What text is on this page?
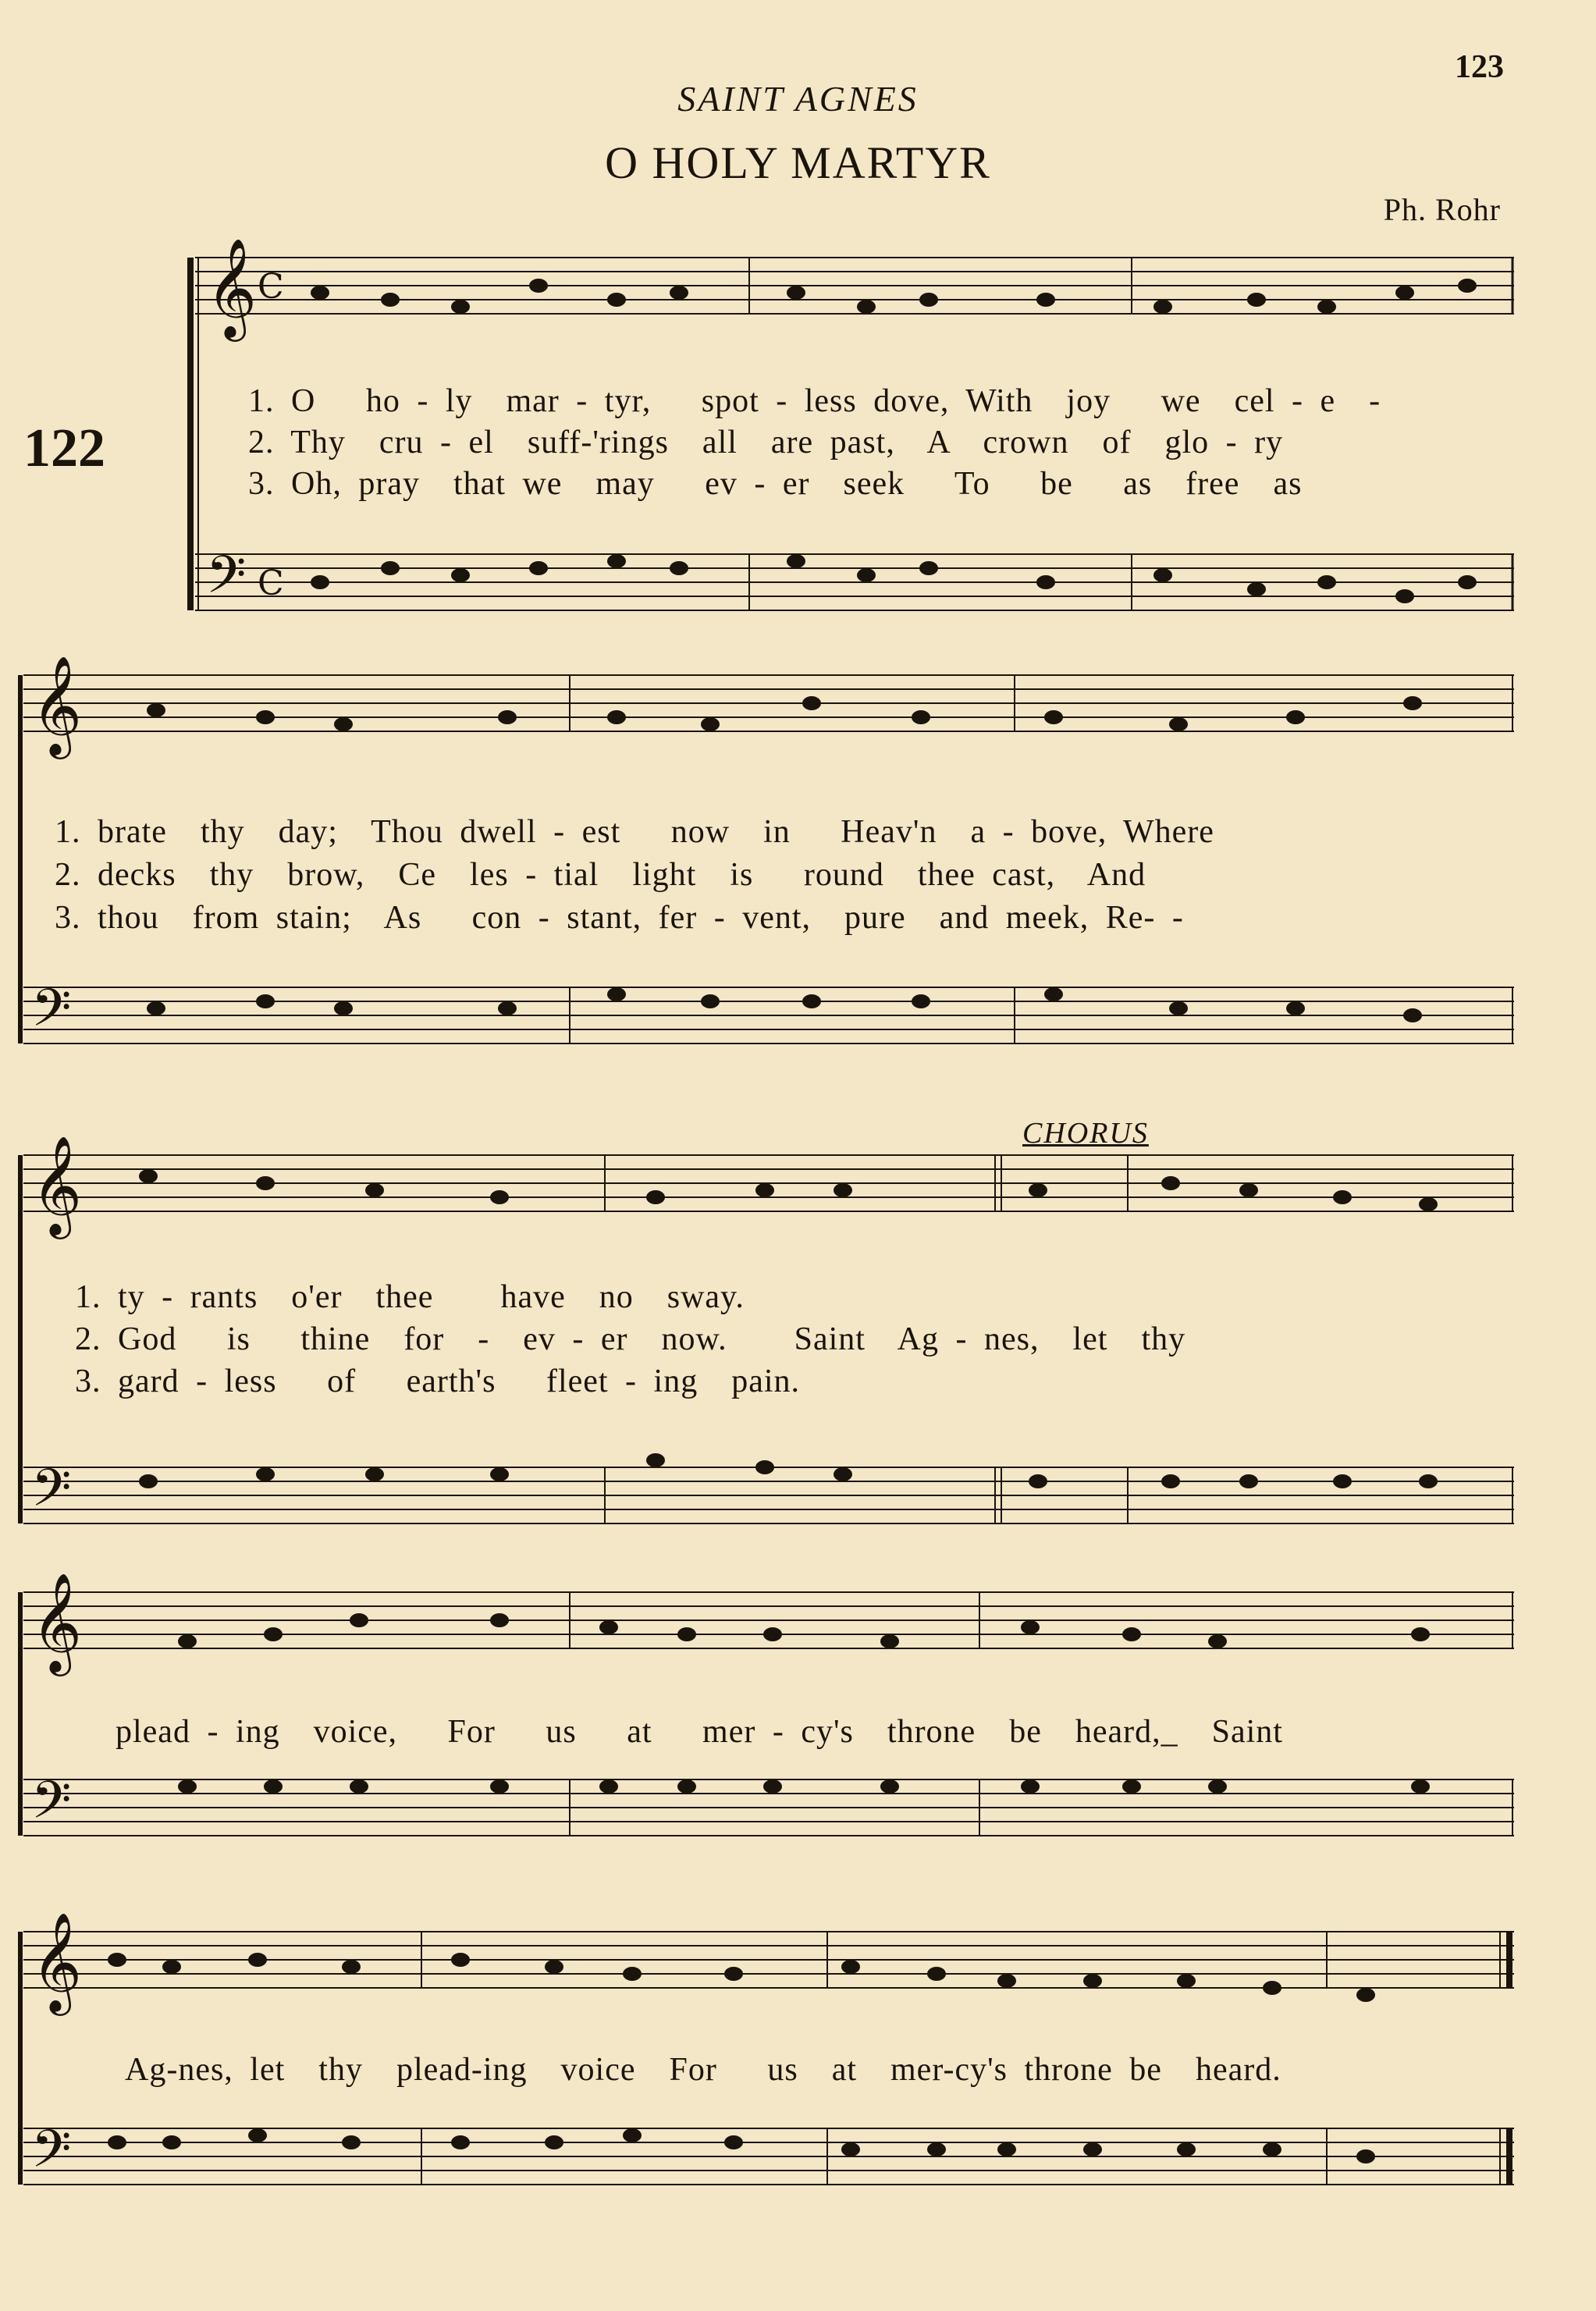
123
SAINT AGNES
O HOLY MARTYR
Ph. Rohr
122
CHORUS
𝄞
𝄢
C
C
1. O   ho - ly  mar - tyr,   spot - less dove, With  joy   we  cel - e  -
2. Thy  cru - el  suff-'rings  all  are past,  A  crown  of  glo - ry
3. Oh, pray  that we  may   ev - er  seek   To   be   as  free  as
𝄞
𝄢
1. brate  thy  day;  Thou dwell - est   now  in   Heav'n  a - bove, Where
2. decks  thy  brow,  Ce  les - tial  light  is   round  thee cast,  And
3. thou  from stain;  As   con - stant, fer - vent,  pure  and meek, Re- -
𝄞
𝄢
1. ty - rants  o'er  thee    have  no  sway.
2. God   is   thine  for  -  ev - er  now.    Saint  Ag - nes,  let  thy
3. gard - less   of   earth's   fleet - ing  pain.
𝄞
𝄢
plead - ing  voice,   For   us   at   mer - cy's  throne  be  heard,_  Saint
𝄞
𝄢
Ag-nes, let  thy  plead-ing  voice  For   us  at  mer-cy's throne be  heard.
